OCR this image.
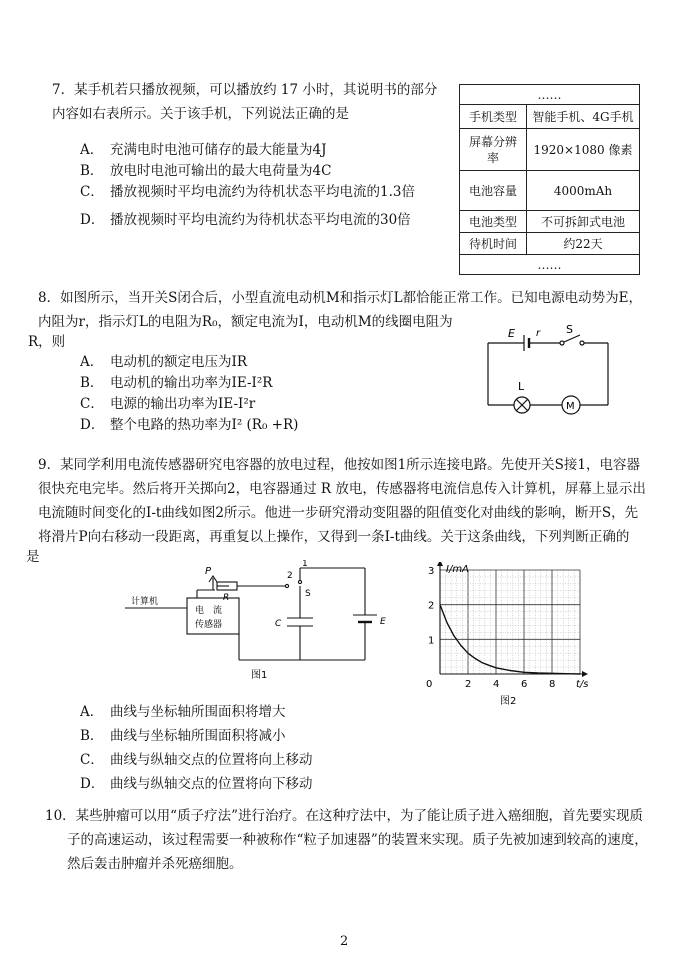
7．某手机若只播放视频，可以播放约 17 小时，其说明书的部分
内容如右表所示。关于该手机，下列说法正确的是
A． 充满电时电池可储存的最大能量为4J
B． 放电时电池可输出的最大电荷量为4C
C． 播放视频时平均电流约为待机状态平均电流的1.3倍
D． 播放视频时平均电流约为待机状态平均电流的30倍
……	
手机类型	智能手机、4G手机
屏幕分辨率	1920×1080 像素
电池容量	4000mAh
电池类型	不可拆卸式电池
待机时间	约22天
……	
8．如图所示，当开关S闭合后，小型直流电动机M和指示灯L都恰能正常工作。已知电源电动势为E，
内阻为r，指示灯L的电阻为R₀，额定电流为I，电动机M的线圈电阻为
R，则
A． 电动机的额定电压为IR
B． 电动机的输出功率为IE-I²R
C． 电源的输出功率为IE-I²r
D． 整个电路的热功率为I² (R₀ +R)
E r S
L
M
9．某同学利用电流传感器研究电容器的放电过程，他按如图1所示连接电路。先使开关S接1，电容器
很快充电完毕。然后将开关掷向2，电容器通过 R 放电，传感器将电流信息传入计算机，屏幕上显示出
电流随时间变化的I-t曲线如图2所示。他进一步研究滑动变阻器的阻值变化对曲线的影响，断开S，先
将滑片P向右移动一段距离，再重复以上操作，又得到一条I-t曲线。关于这条曲线，下列判断正确的
是
计算机
电　流
传感器
P
R
2
1
S
C	E
图1
0	2 4 6 8
1
2
3 I/mA
t/s
图2
A． 曲线与坐标轴所围面积将增大
B． 曲线与坐标轴所围面积将减小
C． 曲线与纵轴交点的位置将向上移动
D． 曲线与纵轴交点的位置将向下移动
10．某些肿瘤可以用“质子疗法”进行治疗。在这种疗法中，为了能让质子进入癌细胞，首先要实现质
子的高速运动，该过程需要一种被称作“粒子加速器”的装置来实现。质子先被加速到较高的速度，
然后轰击肿瘤并杀死癌细胞。
2
